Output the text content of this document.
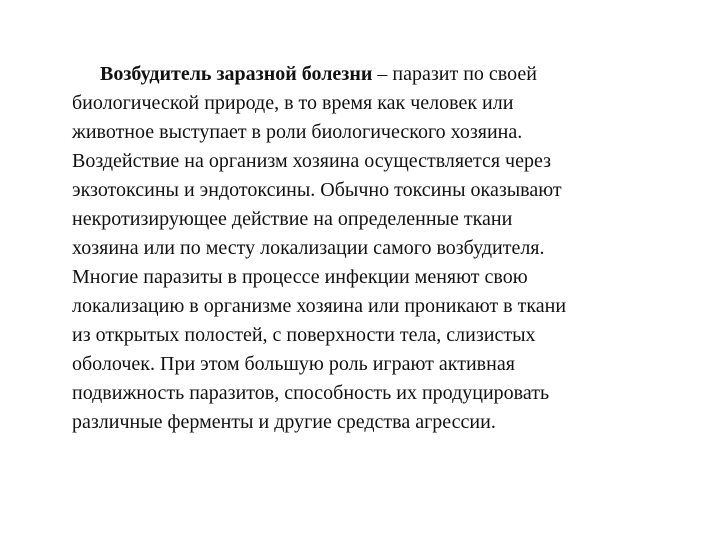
Возбудитель заразной болезни – паразит по своей
биологической природе, в то время как человек или
животное выступает в роли биологического хозяина.
Воздействие на организм хозяина осуществляется через
экзотоксины и эндотоксины. Обычно токсины оказывают
некротизирующее действие на определенные ткани
хозяина или по месту локализации самого возбудителя.
Многие паразиты в процессе инфекции меняют свою
локализацию в организме хозяина или проникают в ткани
из открытых полостей, с поверхности тела, слизистых
оболочек. При этом большую роль играют активная
подвижность паразитов, способность их продуцировать
различные ферменты и другие средства агрессии.
